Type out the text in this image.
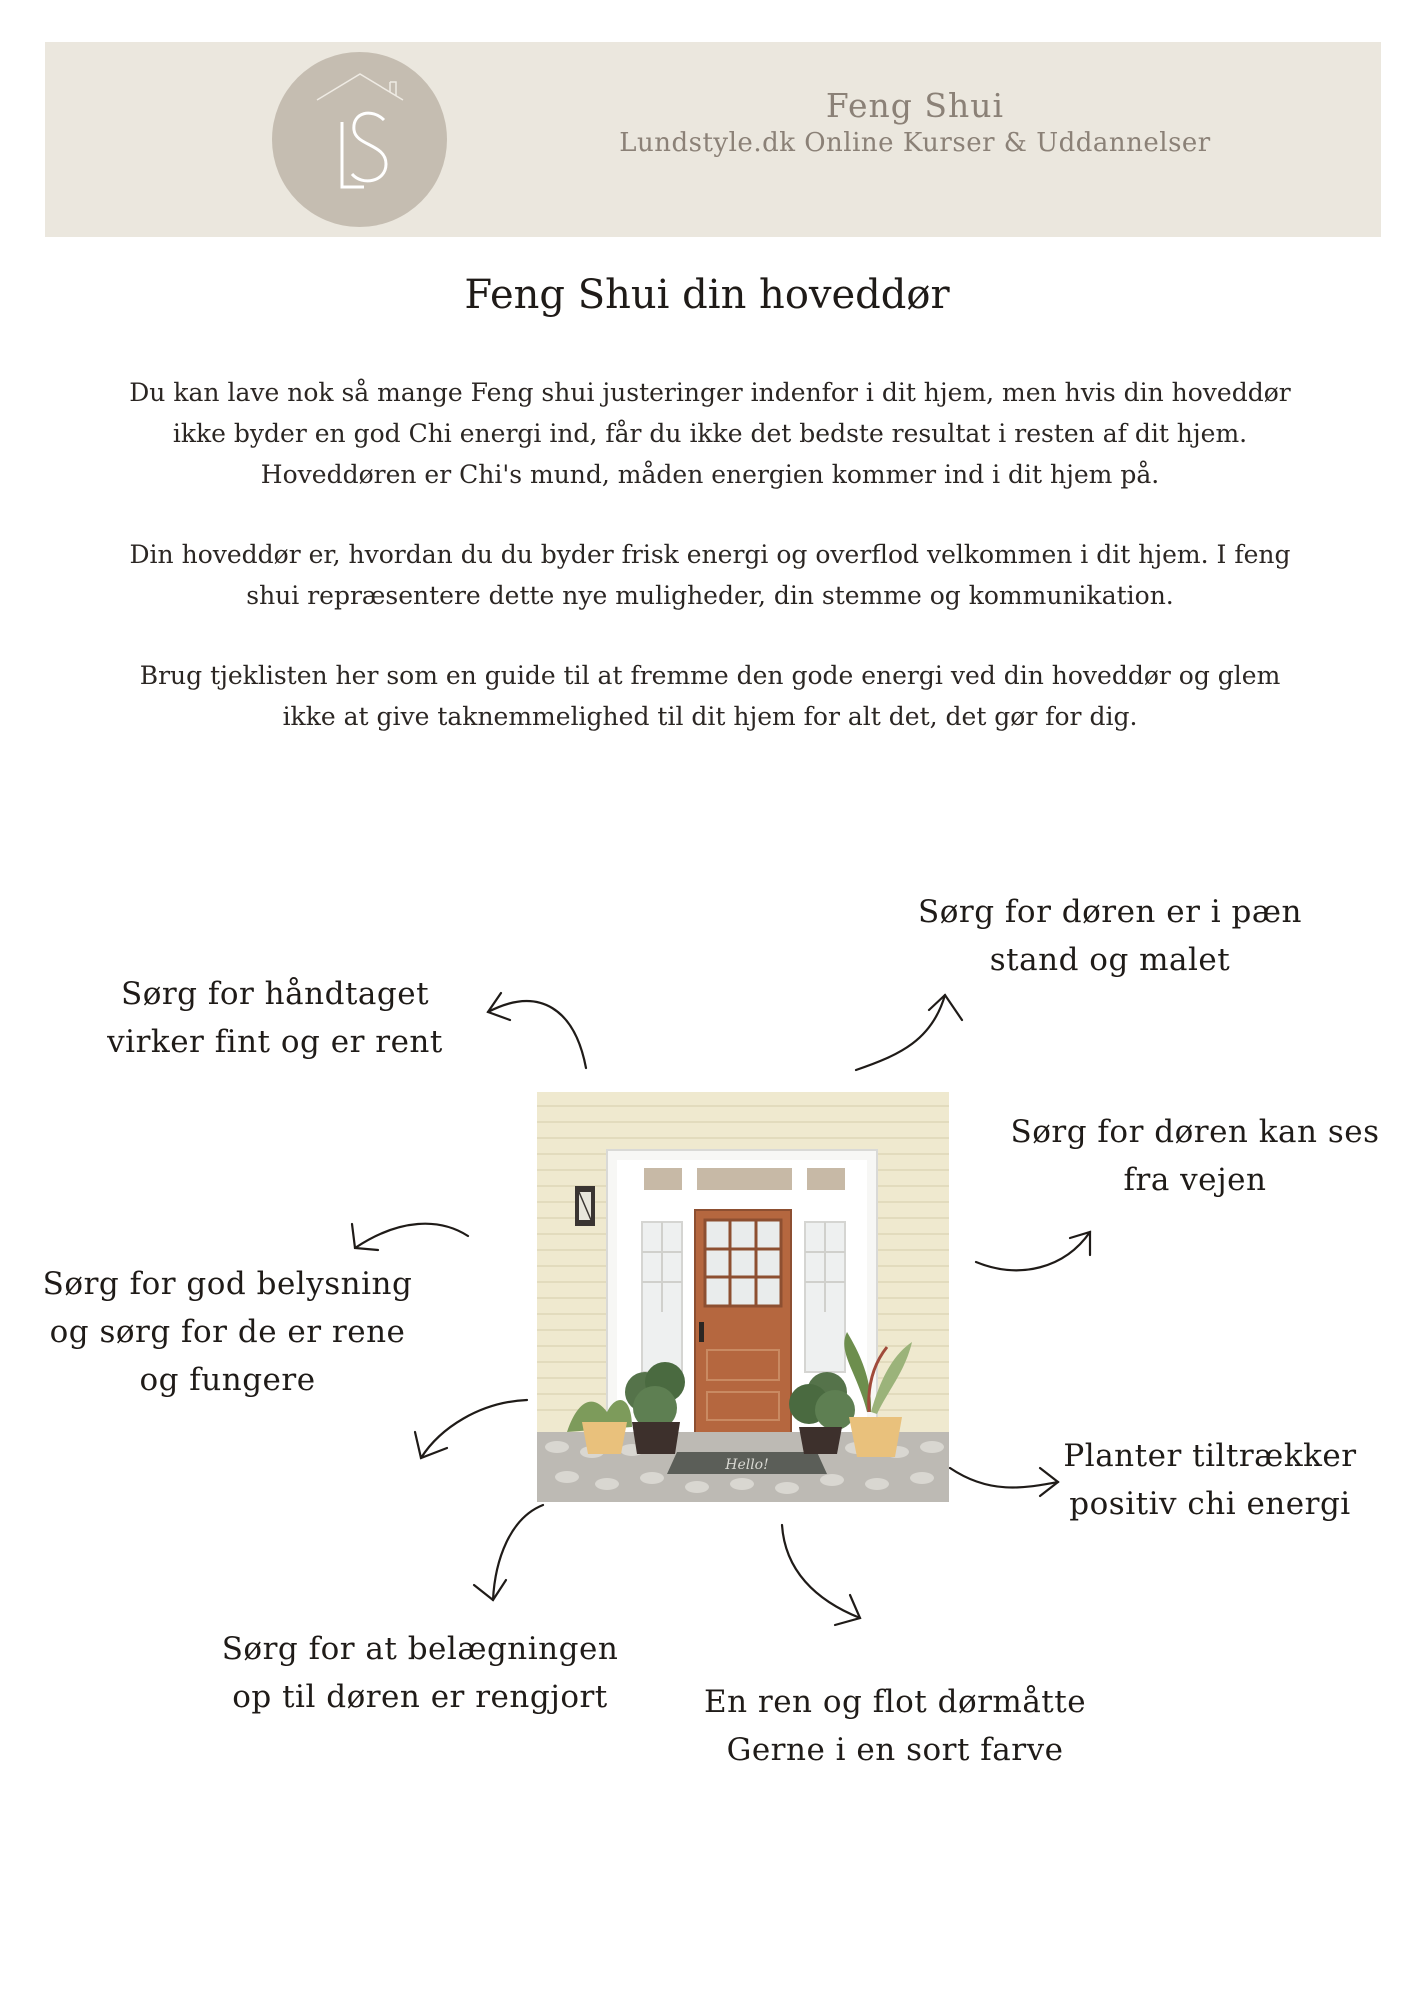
Feng Shui
Lundstyle.dk Online Kurser & Uddannelser
Feng Shui din hoveddør
Du kan lave nok så mange Feng shui justeringer indenfor i dit hjem, men hvis din hoveddør
ikke byder en god Chi energi ind, får du ikke det bedste resultat i resten af dit hjem.
Hoveddøren er Chi's mund, måden energien kommer ind i dit hjem på.
Din hoveddør er, hvordan du du byder frisk energi og overflod velkommen i dit hjem. I feng
shui repræsentere dette nye muligheder, din stemme og kommunikation.
Brug tjeklisten her som en guide til at fremme den gode energi ved din hoveddør og glem
ikke at give taknemmelighed til dit hjem for alt det, det gør for dig.
Hello!
Sørg for håndtaget
virker fint og er rent
Sørg for døren er i pæn
stand og malet
Sørg for døren kan ses
fra vejen
Sørg for god belysning
og sørg for de er rene
og fungere
Planter tiltrækker
positiv chi energi
Sørg for at belægningen
op til døren er rengjort	En ren og flot dørmåtte
Gerne i en sort farve
